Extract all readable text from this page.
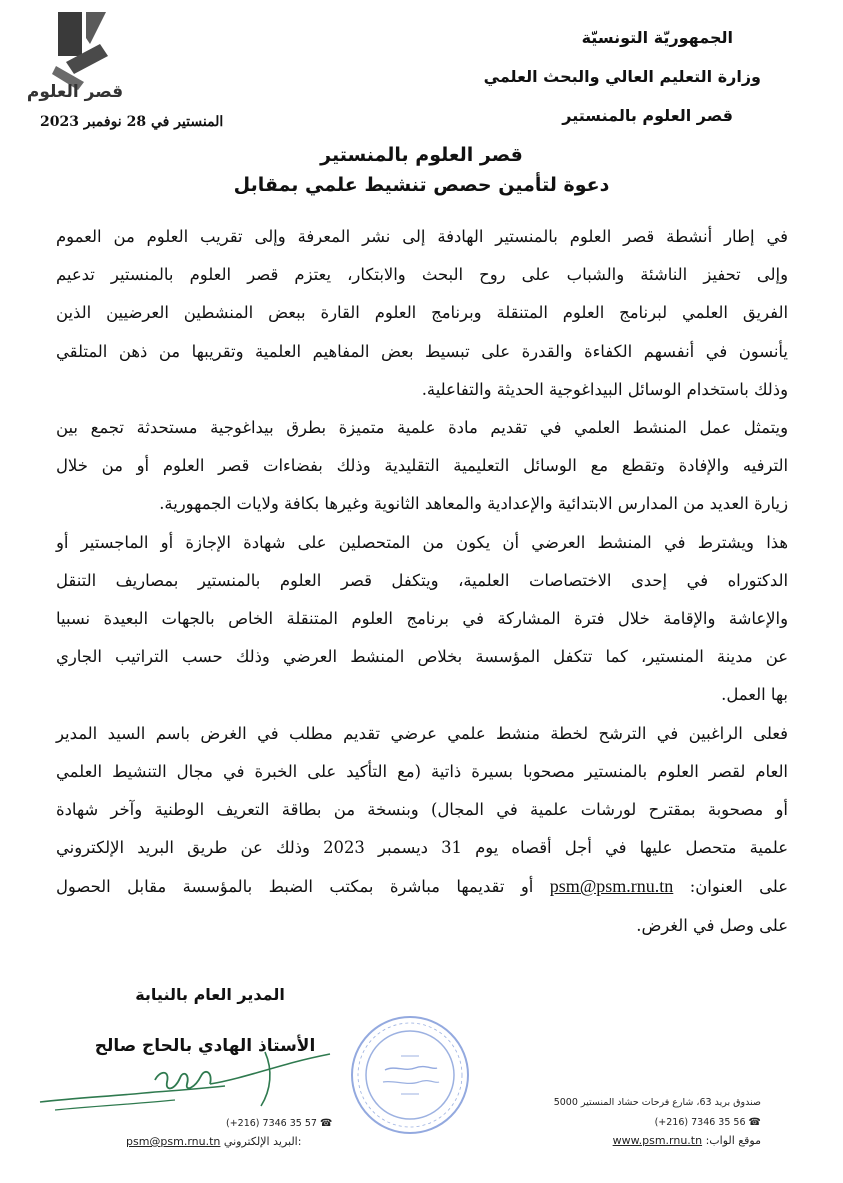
قصر العلوم
الجمهوريّة التونسيّة
وزارة التعليم العالي والبحث العلمي
قصر العلوم بالمنستير
المنستير في 28 نوفمبر 2023
قصر العلوم بالمنستير
دعوة لتأمين حصص تنشيط علمي بمقابل

في إطار أنشطة قصر العلوم بالمنستير الهادفة إلى نشر المعرفة وإلى تقريب العلوم من العموم
وإلى تحفيز الناشئة والشباب على روح البحث والابتكار، يعتزم قصر العلوم بالمنستير تدعيم
الفريق العلمي لبرنامج العلوم المتنقلة وبرنامج العلوم القارة ببعض المنشطين العرضيين الذين
يأنسون في أنفسهم الكفاءة والقدرة على تبسيط بعض المفاهيم العلمية وتقريبها من ذهن المتلقي
وذلك باستخدام الوسائل البيداغوجية الحديثة والتفاعلية.

ويتمثل عمل المنشط العلمي في تقديم مادة علمية متميزة بطرق بيداغوجية مستحدثة تجمع بين
الترفيه والإفادة وتقطع مع الوسائل التعليمية التقليدية وذلك بفضاءات قصر العلوم أو من خلال
زيارة العديد من المدارس الابتدائية والإعدادية والمعاهد الثانوية وغيرها بكافة ولايات الجمهورية.

هذا ويشترط في المنشط العرضي أن يكون من المتحصلين على شهادة الإجازة أو الماجستير أو
الدكتوراه في إحدى الاختصاصات العلمية، ويتكفل قصر العلوم بالمنستير بمصاريف التنقل
والإعاشة والإقامة خلال فترة المشاركة في برنامج العلوم المتنقلة الخاص بالجهات البعيدة نسبيا
عن مدينة المنستير، كما تتكفل المؤسسة بخلاص المنشط العرضي وذلك حسب التراتيب الجاري
بها العمل.

فعلى الراغبين في الترشح لخطة منشط علمي عرضي تقديم مطلب في الغرض باسم السيد المدير
العام لقصر العلوم بالمنستير مصحوبا بسيرة ذاتية (مع التأكيد على الخبرة في مجال التنشيط العلمي
أو مصحوبة بمقترح لورشات علمية في المجال) وبنسخة من بطاقة التعريف الوطنية وآخر شهادة
علمية متحصل عليها في أجل أقصاه يوم 31 ديسمبر 2023 وذلك عن طريق البريد الإلكتروني
على العنوان: psm@psm.rnu.tn أو تقديمها مباشرة بمكتب الضبط بالمؤسسة مقابل الحصول
على وصل في الغرض.

المدير العام بالنيابة
الأستاذ الهادي بالحاج صالح
(+216) 7346 35 57 ☎
psm@psm.rnu.tn البريد الإلكتروني:
صندوق بريد 63، شارع فرحات حشاد المنستير 5000
(+216) 7346 35 56 ☎
موقع الواب: www.psm.rnu.tn
